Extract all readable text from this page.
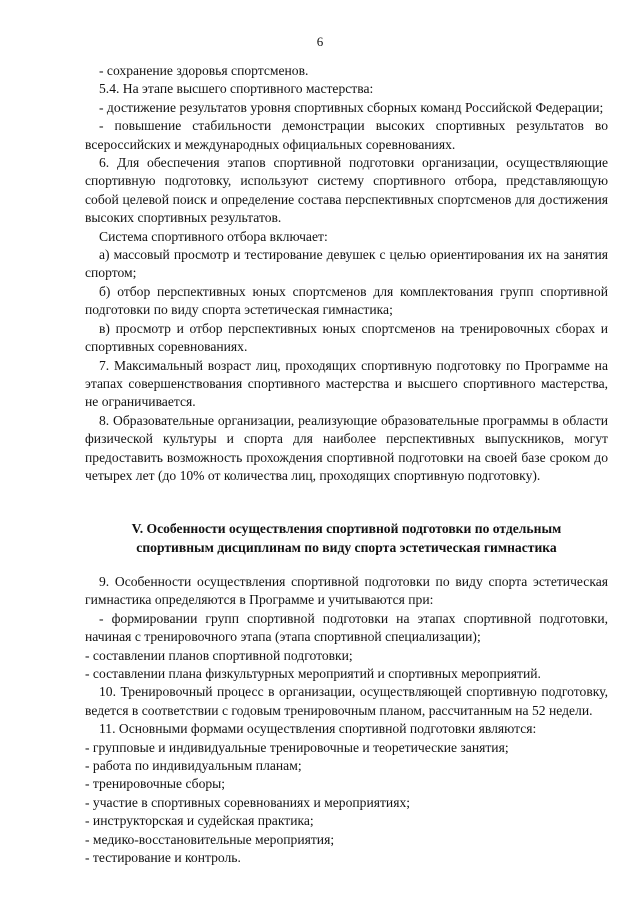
6

- сохранение здоровья спортсменов.

5.4. На этапе высшего спортивного мастерства:

- достижение результатов уровня спортивных сборных команд Российской Федерации;

- повышение стабильности демонстрации высоких спортивных результатов во всероссийских и международных официальных соревнованиях.

6. Для обеспечения этапов спортивной подготовки организации, осуществляющие спортивную подготовку, используют систему спортивного отбора, представляющую собой целевой поиск и определение состава перспективных спортсменов для достижения высоких спортивных результатов.

Система спортивного отбора включает:

а) массовый просмотр и тестирование девушек с целью ориентирования их на занятия спортом;

б) отбор перспективных юных спортсменов для комплектования групп спортивной подготовки по виду спорта эстетическая гимнастика;

в) просмотр и отбор перспективных юных спортсменов на тренировочных сборах и спортивных соревнованиях.

7. Максимальный возраст лиц, проходящих спортивную подготовку по Программе на этапах совершенствования спортивного мастерства и высшего спортивного мастерства, не ограничивается.

8. Образовательные организации, реализующие образовательные программы в области физической культуры и спорта для наиболее перспективных выпускников, могут предоставить возможность прохождения спортивной подготовки на своей базе сроком до четырех лет (до 10% от количества лиц, проходящих спортивную подготовку).

V. Особенности осуществления спортивной подготовки по отдельным
спортивным дисциплинам по виду спорта эстетическая гимнастика

9. Особенности осуществления спортивной подготовки по виду спорта эстетическая гимнастика определяются в Программе и учитываются при:

- формировании групп спортивной подготовки на этапах спортивной подготовки, начиная с тренировочного этапа (этапа спортивной специализации);

- составлении планов спортивной подготовки;

- составлении плана физкультурных мероприятий и спортивных мероприятий.

10. Тренировочный процесс в организации, осуществляющей спортивную подготовку, ведется в соответствии с годовым тренировочным планом, рассчитанным на 52 недели.

11. Основными формами осуществления спортивной подготовки являются:

- групповые и индивидуальные тренировочные и теоретические занятия;

- работа по индивидуальным планам;

- тренировочные сборы;

- участие в спортивных соревнованиях и мероприятиях;

- инструкторская и судейская практика;

- медико-восстановительные мероприятия;

- тестирование и контроль.
